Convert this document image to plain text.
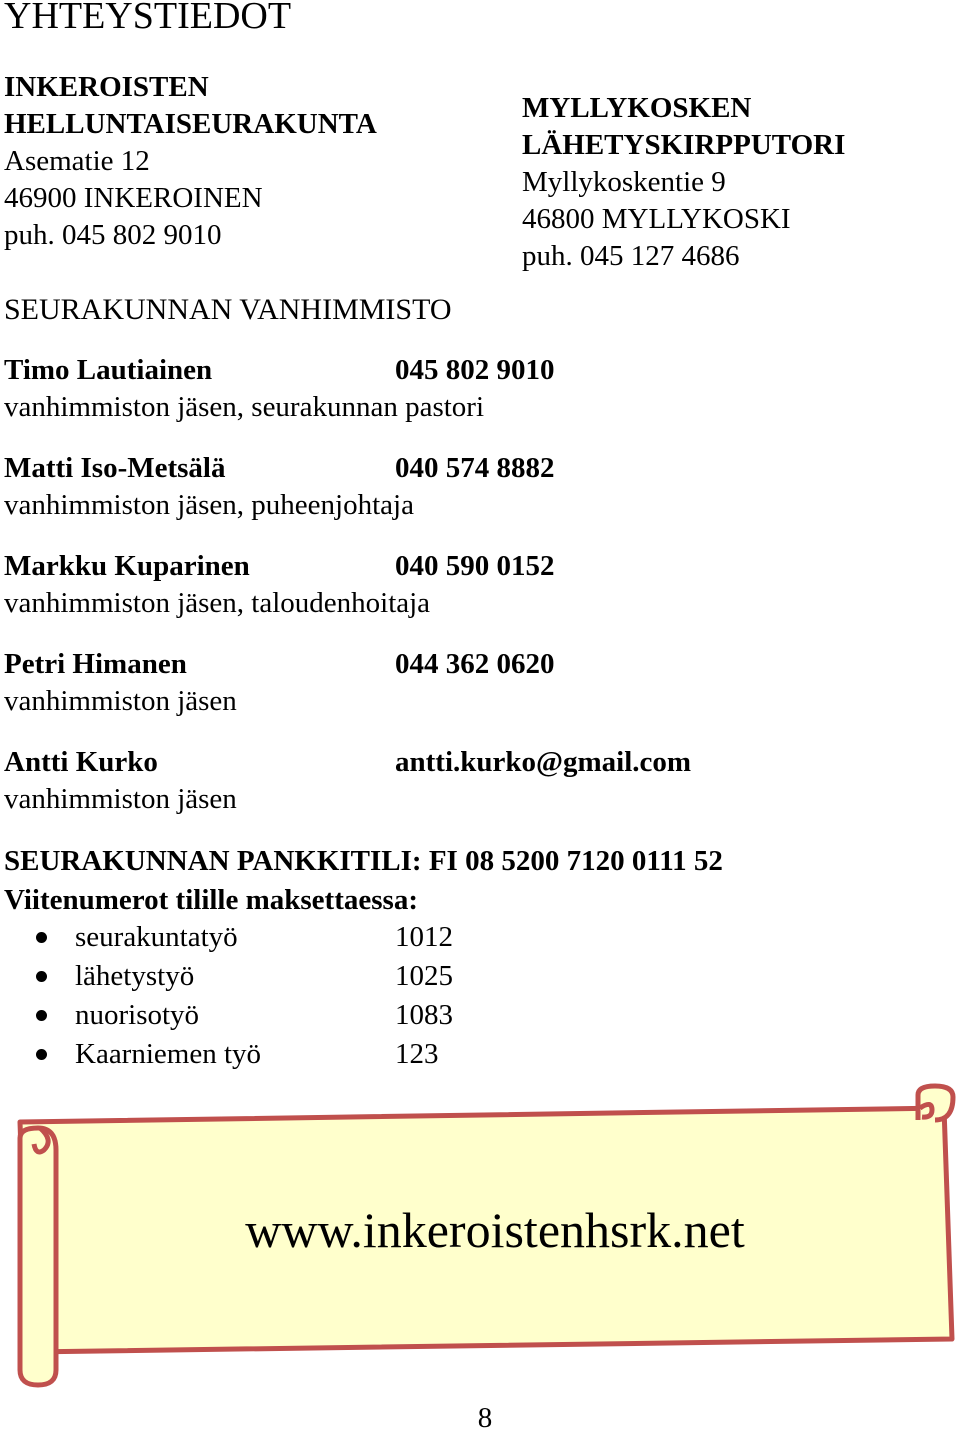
YHTEYSTIEDOT
INKEROISTEN
HELLUNTAISEURAKUNTA
Asematie 12
46900 INKEROINEN
puh. 045 802 9010
MYLLYKOSKEN
LÄHETYSKIRPPUTORI
Myllykoskentie 9
46800 MYLLYKOSKI
puh. 045 127 4686
SEURAKUNNAN VANHIMMISTO
Timo Lautiainen	045 802 9010
vanhimmiston jäsen, seurakunnan pastori
Matti Iso-Metsälä	040 574 8882
vanhimmiston jäsen, puheenjohtaja
Markku Kuparinen	040 590 0152
vanhimmiston jäsen, taloudenhoitaja
Petri Himanen	044 362 0620
vanhimmiston jäsen
Antti Kurko	antti.kurko@gmail.com
vanhimmiston jäsen
SEURAKUNNAN PANKKITILI: FI 08 5200 7120 0111 52
Viitenumerot tilille maksettaessa:
seurakuntatyö	1012
lähetystyö	1025
nuorisotyö	1083
Kaarniemen työ	123
www.inkeroistenhsrk.net
8
